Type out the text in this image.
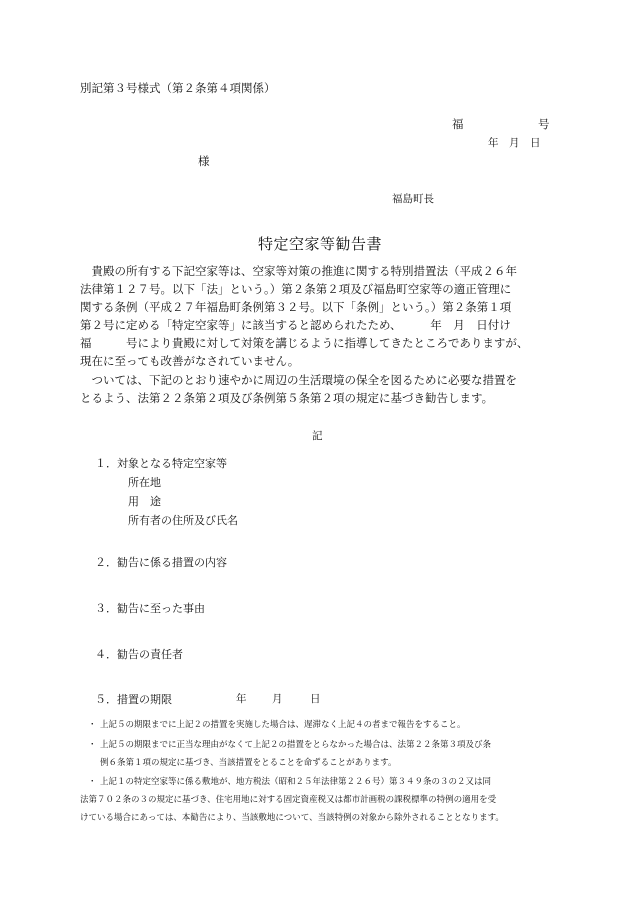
別記第３号様式（第２条第４項関係）
福	号
年　月　日
様
福島町長
特定空家等勧告書
　貴殿の所有する下記空家等は、空家等対策の推進に関する特別措置法（平成２６年
法律第１２７号。以下「法」という。）第２条第２項及び福島町空家等の適正管理に
関する条例（平成２７年福島町条例第３２号。以下「条例」という。）第２条第１項
第２号に定める「特定空家等」に該当すると認められたため、　　　年　月　日付け
福　　　号により貴殿に対して対策を講じるように指導してきたところでありますが、
現在に至っても改善がなされていません。
　ついては、下記のとおり速やかに周辺の生活環境の保全を図るために必要な措置を
とるよう、法第２２条第２項及び条例第５条第２項の規定に基づき勧告します。
記
１．対象となる特定空家等
所在地
用　途
所有者の住所及び氏名
２．勧告に係る措置の内容
３．勧告に至った事由
４．勧告の責任者
５．措置の期限	年 月	日
・ 上記５の期限までに上記２の措置を実施した場合は、遅滞なく上記４の者まで報告をすること。
・ 上記５の期限までに正当な理由がなくて上記２の措置をとらなかった場合は、法第２２条第３項及び条
例６条第１項の規定に基づき、当該措置をとることを命ずることがあります。
・ 上記１の特定空家等に係る敷地が、地方税法（昭和２５年法律第２２６号）第３４９条の３の２又は同
法第７０２条の３の規定に基づき、住宅用地に対する固定資産税又は都市計画税の課税標準の特例の適用を受
けている場合にあっては、本勧告により、当該敷地について、当該特例の対象から除外されることとなります。
